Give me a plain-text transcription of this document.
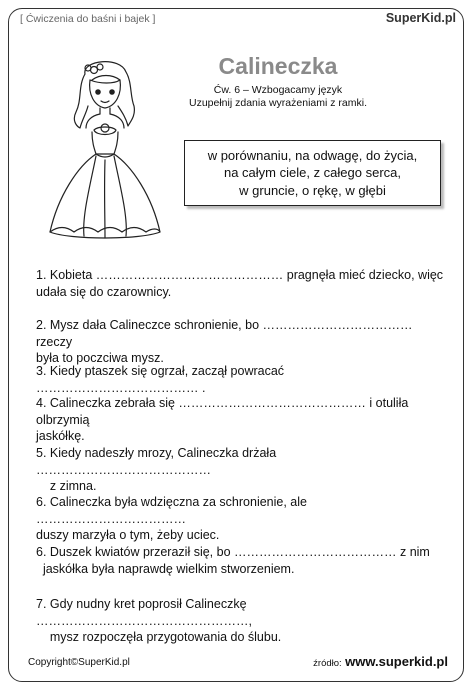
[ Ćwiczenia do baśni i bajek ]	SuperKid.pl
Calineczka
Ćw. 6 – Wzbogacamy język
Uzupełnij zdania wyrażeniami z ramki.
w porównaniu, na odwagę, do życia,
na całym ciele, z całego serca,
w gruncie, o rękę, w głębi
1. Kobieta ……………………………………… pragnęła mieć dziecko, więc
udała się do czarownicy.
2. Mysz dała Calineczce schronienie, bo ……………………………… rzeczy
była to poczciwa mysz.
3. Kiedy ptaszek się ogrzał, zaczął powracać ………………………………… .
4. Calineczka zebrała się ……………………………………… i otuliła olbrzymią
jaskółkę.
5. Kiedy nadeszły mrozy, Calineczka drżała ……………………………………
z zimna.
6. Calineczka była wdzięczna za schronienie, ale ………………………………
duszy marzyła o tym, żeby uciec.
6. Duszek kwiatów przeraził się, bo ………………………………… z nim
jaskółka była naprawdę wielkim stworzeniem.
7. Gdy nudny kret poprosił Calineczkę ……………………………………………,
mysz rozpoczęła przygotowania do ślubu.
Copyright©SuperKid.pl	źródło: www.superkid.pl
